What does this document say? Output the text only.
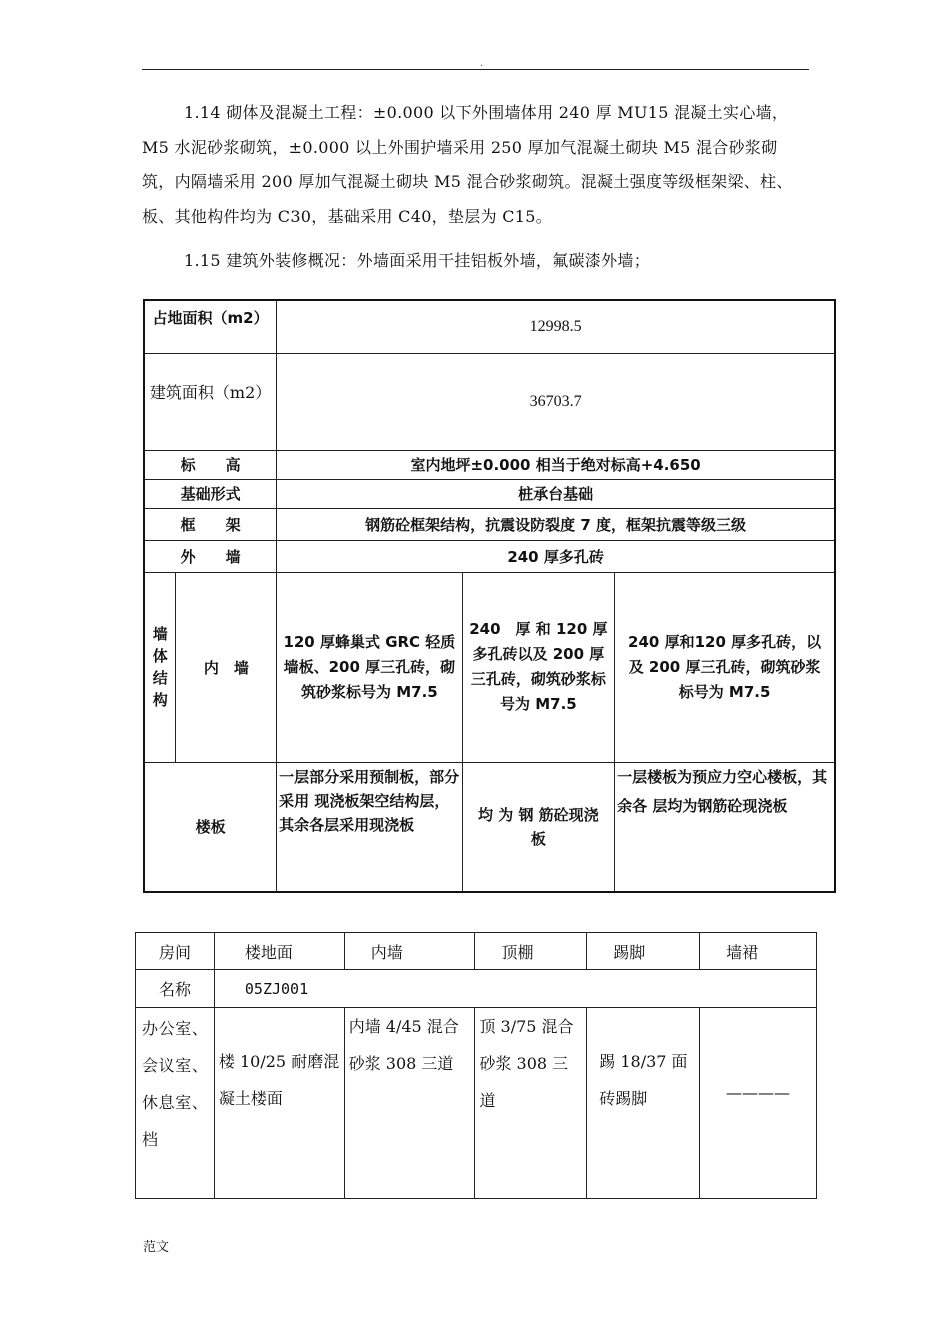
.

1.14 砌体及混凝土工程：±0.000 以下外围墙体用 240 厚 MU15 混凝土实心墙，M5 水泥砂浆砌筑，±0.000 以上外围护墙采用 250 厚加气混凝土砌块 M5 混合砂浆砌筑，内隔墙采用 200 厚加气混凝土砌块 M5 混合砂浆砌筑。混凝土强度等级框架梁、柱、板、其他构件均为 C30，基础采用 C40，垫层为 C15。

1.15 建筑外装修概况：外墙面采用干挂铝板外墙，氟碳漆外墙；

占地面积（m2）		12998.5		
建筑面积（m2）		36703.7		
标　　高		室内地坪±0.000 相当于绝对标高+4.650		
基础形式		桩承台基础		
框　　架		钢筋砼框架结构，抗震设防裂度 7 度，框架抗震等级三级		
外　　墙		240 厚多孔砖		
墙体结构	内　墙	120 厚蜂巢式 GRC 轻质墙板、200 厚三孔砖，砌筑砂浆标号为 M7.5	240　厚 和 120 厚多孔砖以及 200 厚三孔砖，砌筑砂浆标号为 M7.5	240 厚和120 厚多孔砖，以及 200 厚三孔砖，砌筑砂浆标号为 M7.5
楼板		一层部分采用预制板，部分采用 现浇板架空结构层，其余各层采用现浇板	均 为 钢 筋砼现浇板	一层楼板为预应力空心楼板，其余各 层均为钢筋砼现浇板
房间	楼地面	内墙	顶棚	踢脚	墙裙
名称	05ZJ001				
办公室、会议室、休息室、档	楼 10/25 耐磨混凝土楼面	内墙 4/45 混合砂浆 308 三道	顶 3/75 混合砂浆 308 三道	踢 18/37 面砖踢脚	————
范文
